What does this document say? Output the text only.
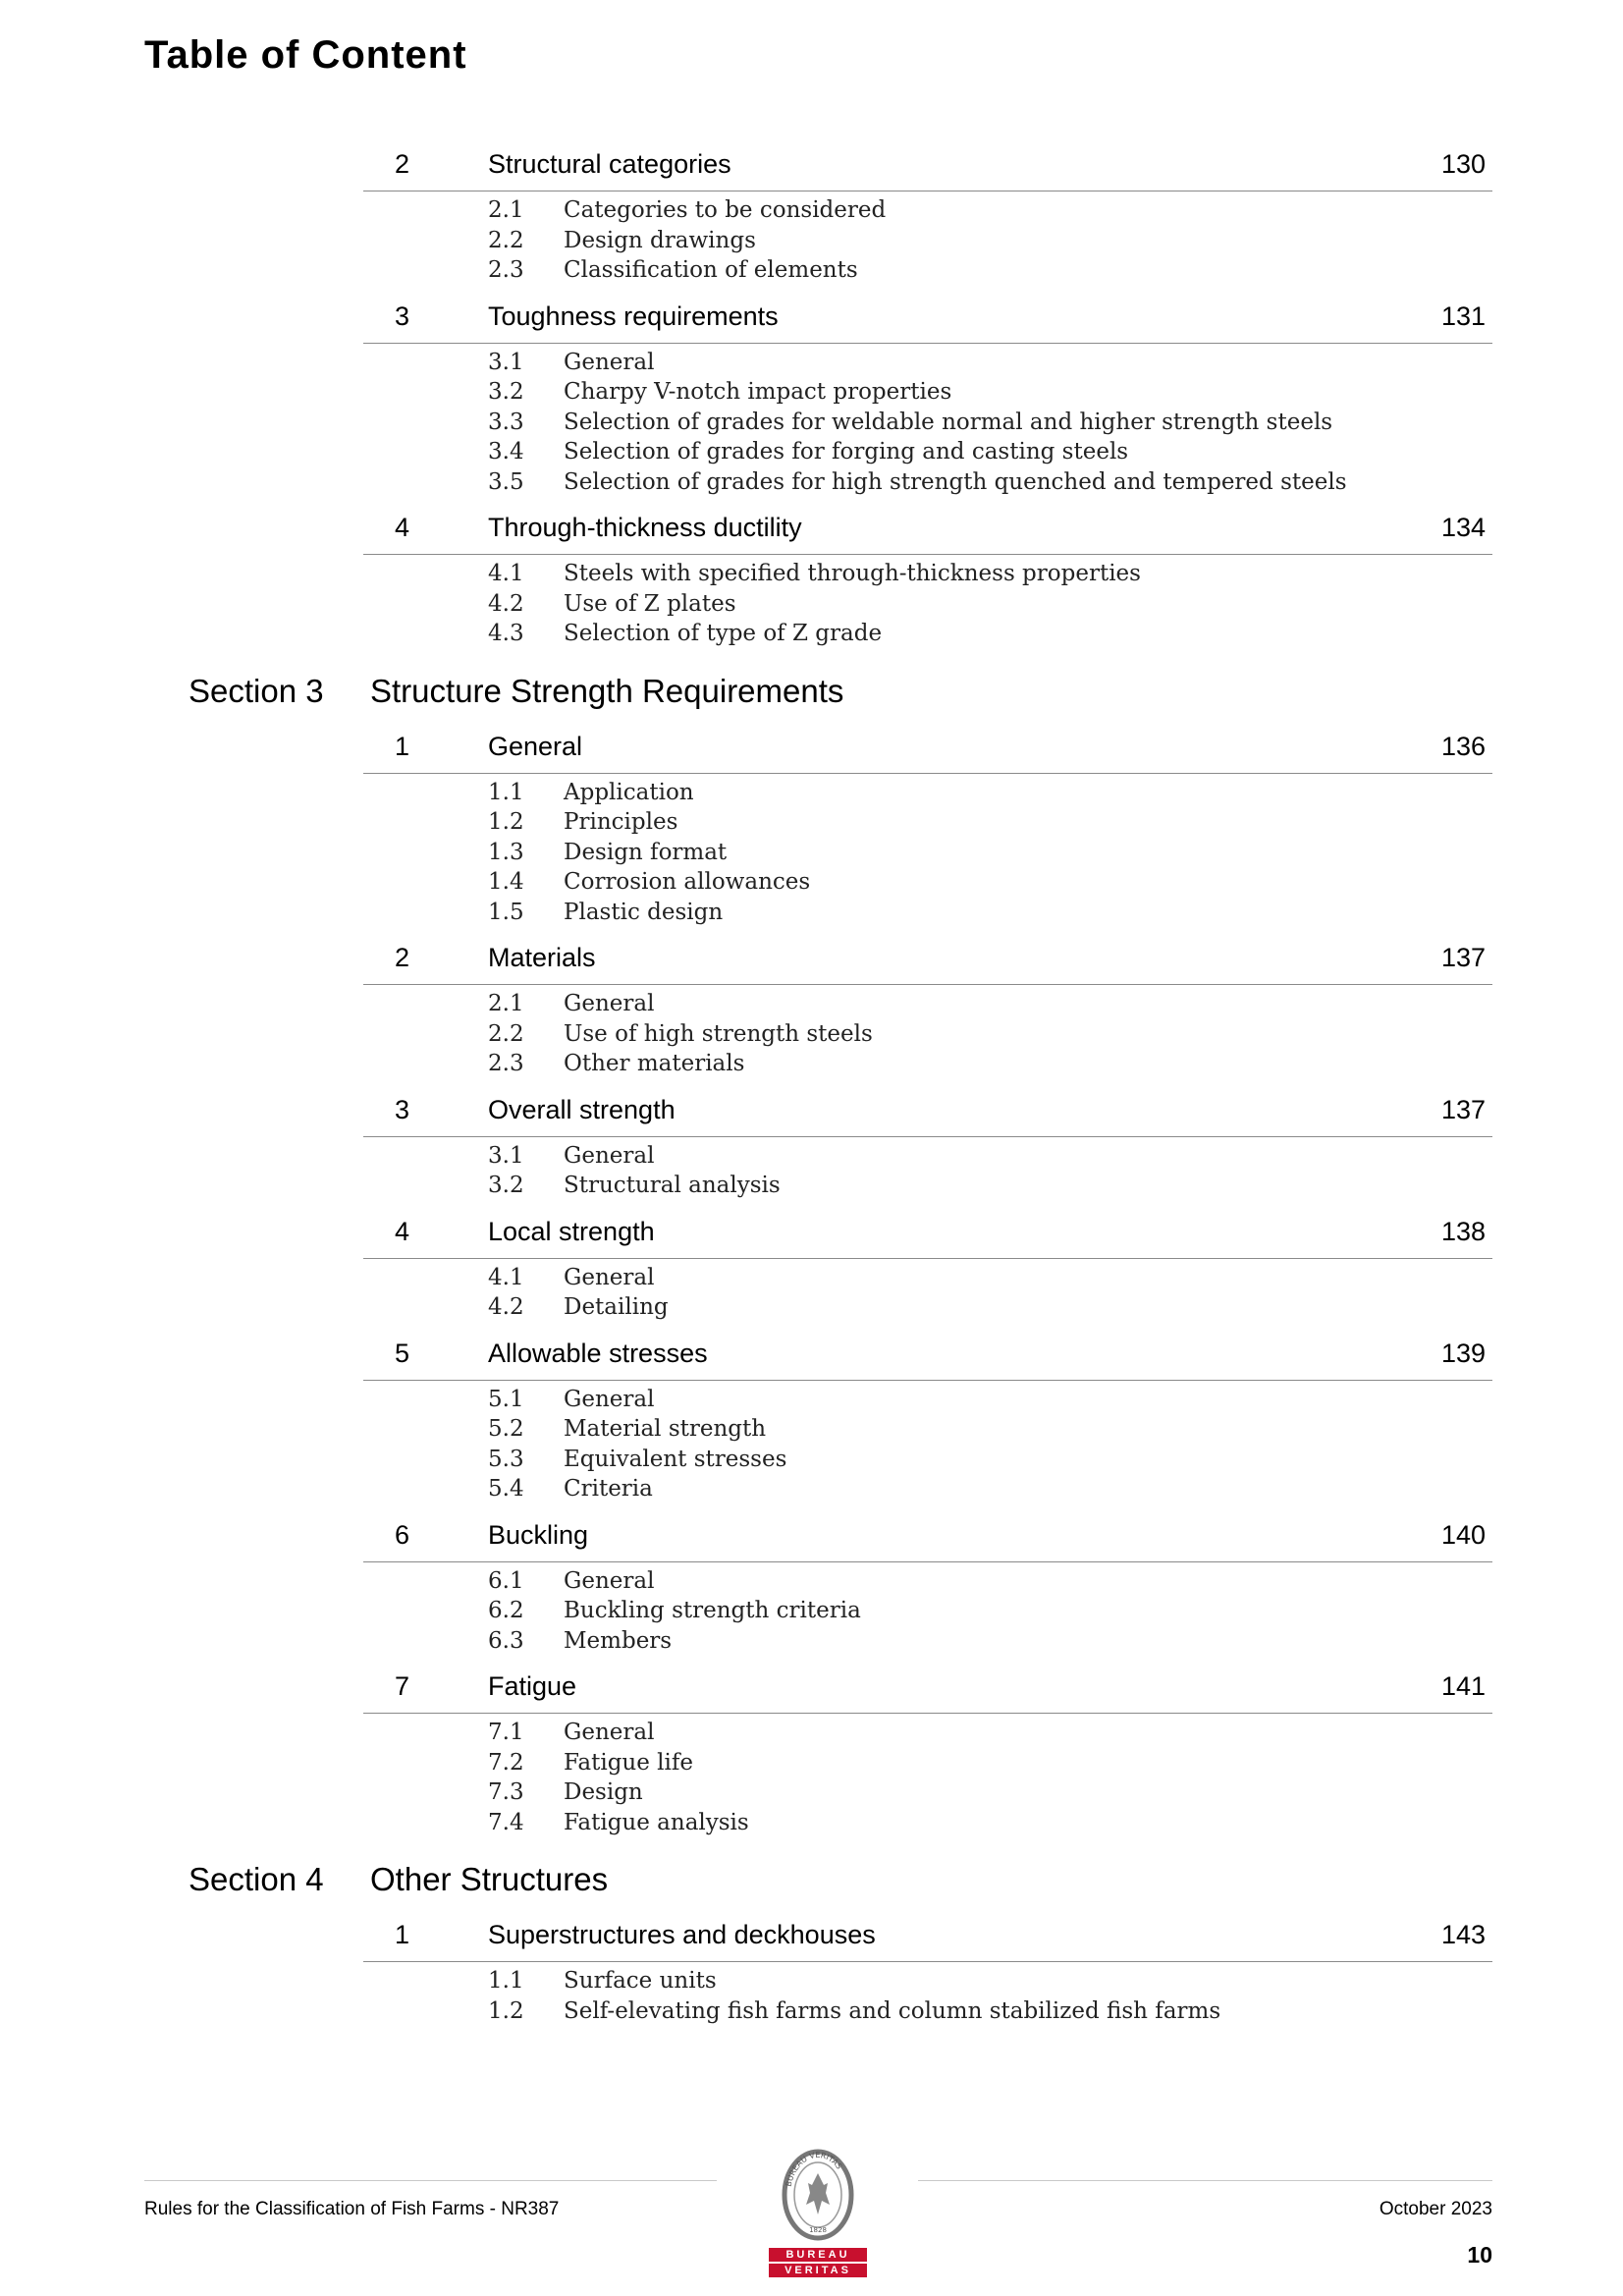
Table of Content
2	Structural categories	130
2.1 Categories to be considered
2.2 Design drawings
2.3 Classification of elements
3	Toughness requirements	131
3.1 General
3.2 Charpy V-notch impact properties
3.3 Selection of grades for weldable normal and higher strength steels
3.4 Selection of grades for forging and casting steels
3.5 Selection of grades for high strength quenched and tempered steels
4	Through-thickness ductility	134
4.1 Steels with specified through-thickness properties
4.2 Use of Z plates
4.3 Selection of type of Z grade
Section 3 Structure Strength Requirements
1	General	136
1.1 Application
1.2 Principles
1.3 Design format
1.4 Corrosion allowances
1.5 Plastic design
2	Materials	137
2.1 General
2.2 Use of high strength steels
2.3 Other materials
3	Overall strength	137
3.1 General
3.2 Structural analysis
4	Local strength	138
4.1 General
4.2 Detailing
5	Allowable stresses	139
5.1 General
5.2 Material strength
5.3 Equivalent stresses
5.4 Criteria
6	Buckling	140
6.1 General
6.2 Buckling strength criteria
6.3 Members
7	Fatigue	141
7.1 General
7.2 Fatigue life
7.3 Design
7.4 Fatigue analysis
Section 4 Other Structures
1	Superstructures and deckhouses	143
1.1 Surface units
1.2 Self-elevating fish farms and column stabilized fish farms
BUREAU VERITAS
1828
BUREAU
VERITAS
Rules for the Classification of Fish Farms - NR387	October 2023
10
